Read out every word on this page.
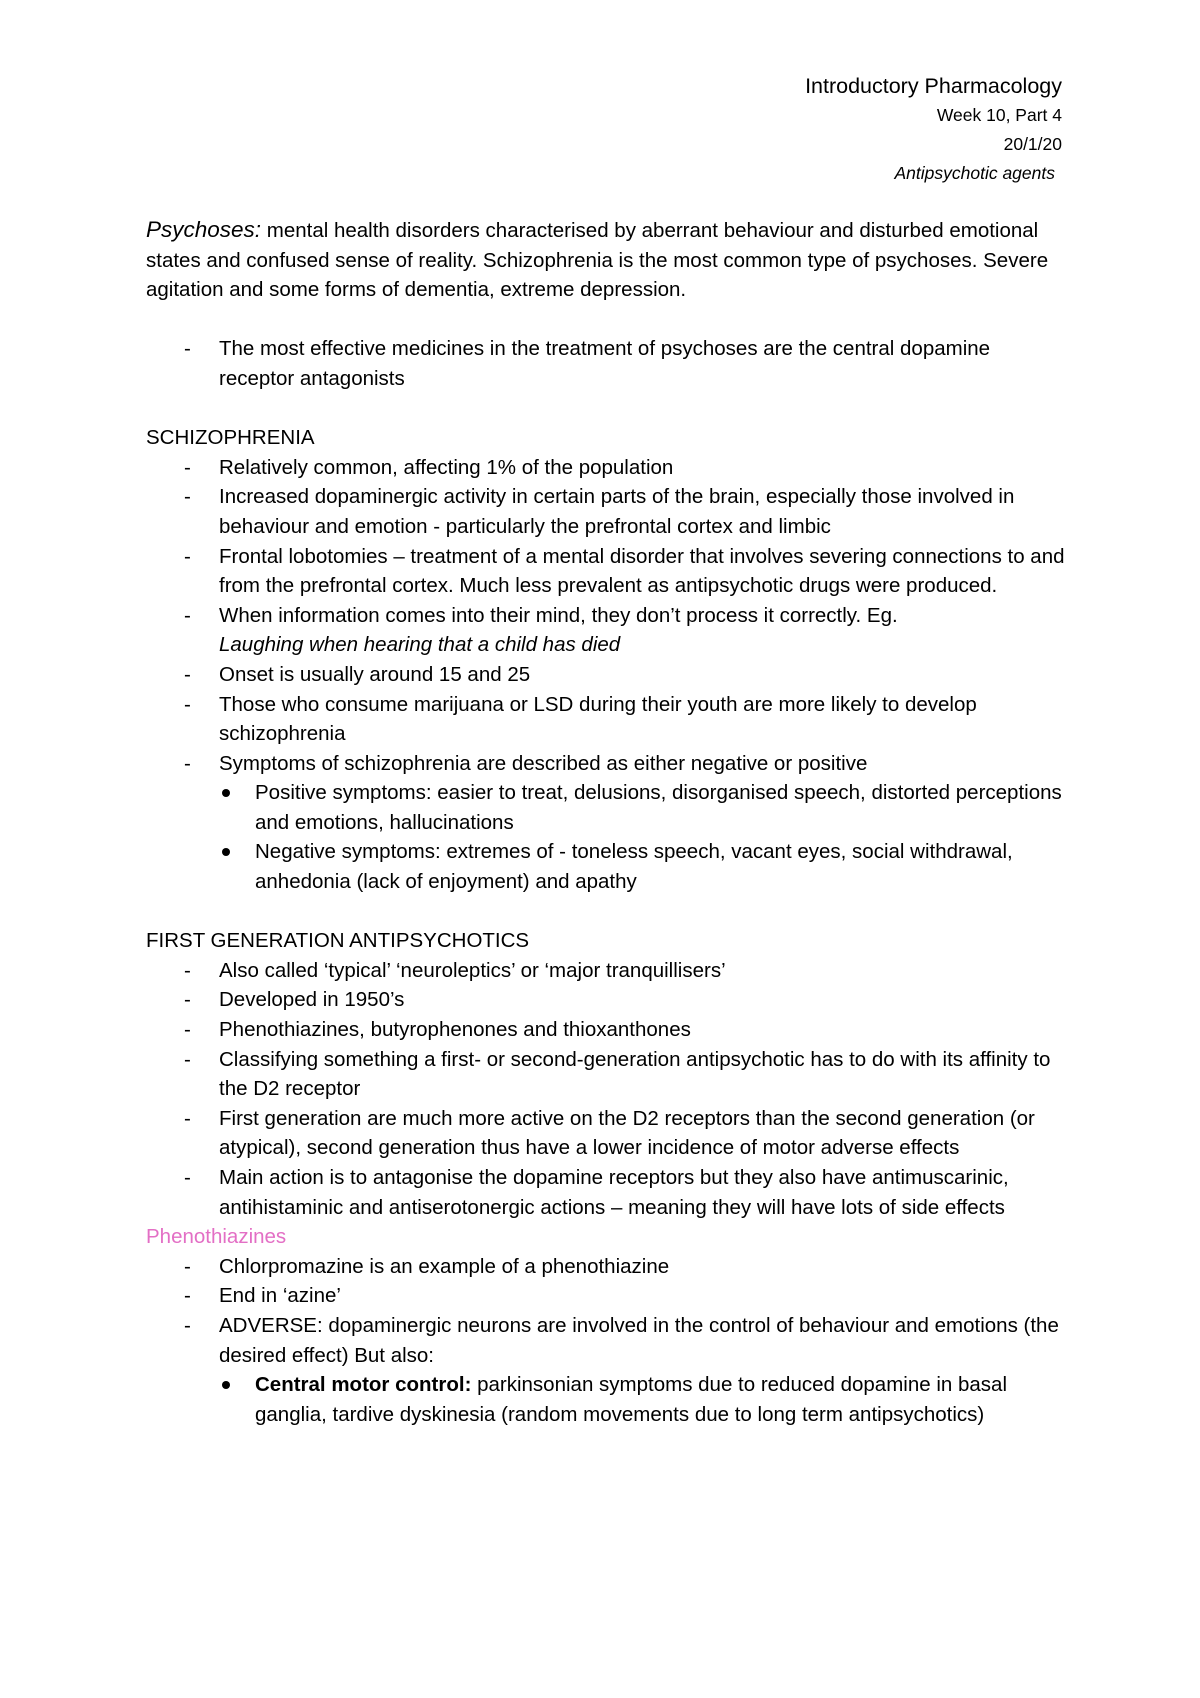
Introductory Pharmacology
Week 10, Part 4
20/1/20
Antipsychotic agents

Psychoses: mental health disorders characterised by aberrant behaviour and disturbed emotional states and confused sense of reality. Schizophrenia is the most common type of psychoses. Severe agitation and some forms of dementia, extreme depression.

- The most effective medicines in the treatment of psychoses are the central dopamine receptor antagonists

SCHIZOPHRENIA

- Relatively common, affecting 1% of the population
- Increased dopaminergic activity in certain parts of the brain, especially those involved in behaviour and emotion - particularly the prefrontal cortex and limbic
- Frontal lobotomies – treatment of a mental disorder that involves severing connections to and from the prefrontal cortex. Much less prevalent as antipsychotic drugs were produced.
- When information comes into their mind, they don’t process it correctly. Eg.
Laughing when hearing that a child has died
- Onset is usually around 15 and 25
- Those who consume marijuana or LSD during their youth are more likely to develop schizophrenia
- Symptoms of schizophrenia are described as either negative or positive
Positive symptoms: easier to treat, delusions, disorganised speech, distorted perceptions and emotions, hallucinations
Negative symptoms: extremes of - toneless speech, vacant eyes, social withdrawal, anhedonia (lack of enjoyment) and apathy

FIRST GENERATION ANTIPSYCHOTICS

- Also called ‘typical’ ‘neuroleptics’ or ‘major tranquillisers’
- Developed in 1950’s
- Phenothiazines, butyrophenones and thioxanthones
- Classifying something a first- or second-generation antipsychotic has to do with its affinity to the D2 receptor
- First generation are much more active on the D2 receptors than the second generation (or atypical), second generation thus have a lower incidence of motor adverse effects
- Main action is to antagonise the dopamine receptors but they also have antimuscarinic, antihistaminic and antiserotonergic actions – meaning they will have lots of side effects

Phenothiazines

- Chlorpromazine is an example of a phenothiazine
- End in ‘azine’
- ADVERSE: dopaminergic neurons are involved in the control of behaviour and emotions (the desired effect) But also:
Central motor control: parkinsonian symptoms due to reduced dopamine in basal ganglia, tardive dyskinesia (random movements due to long term antipsychotics)
